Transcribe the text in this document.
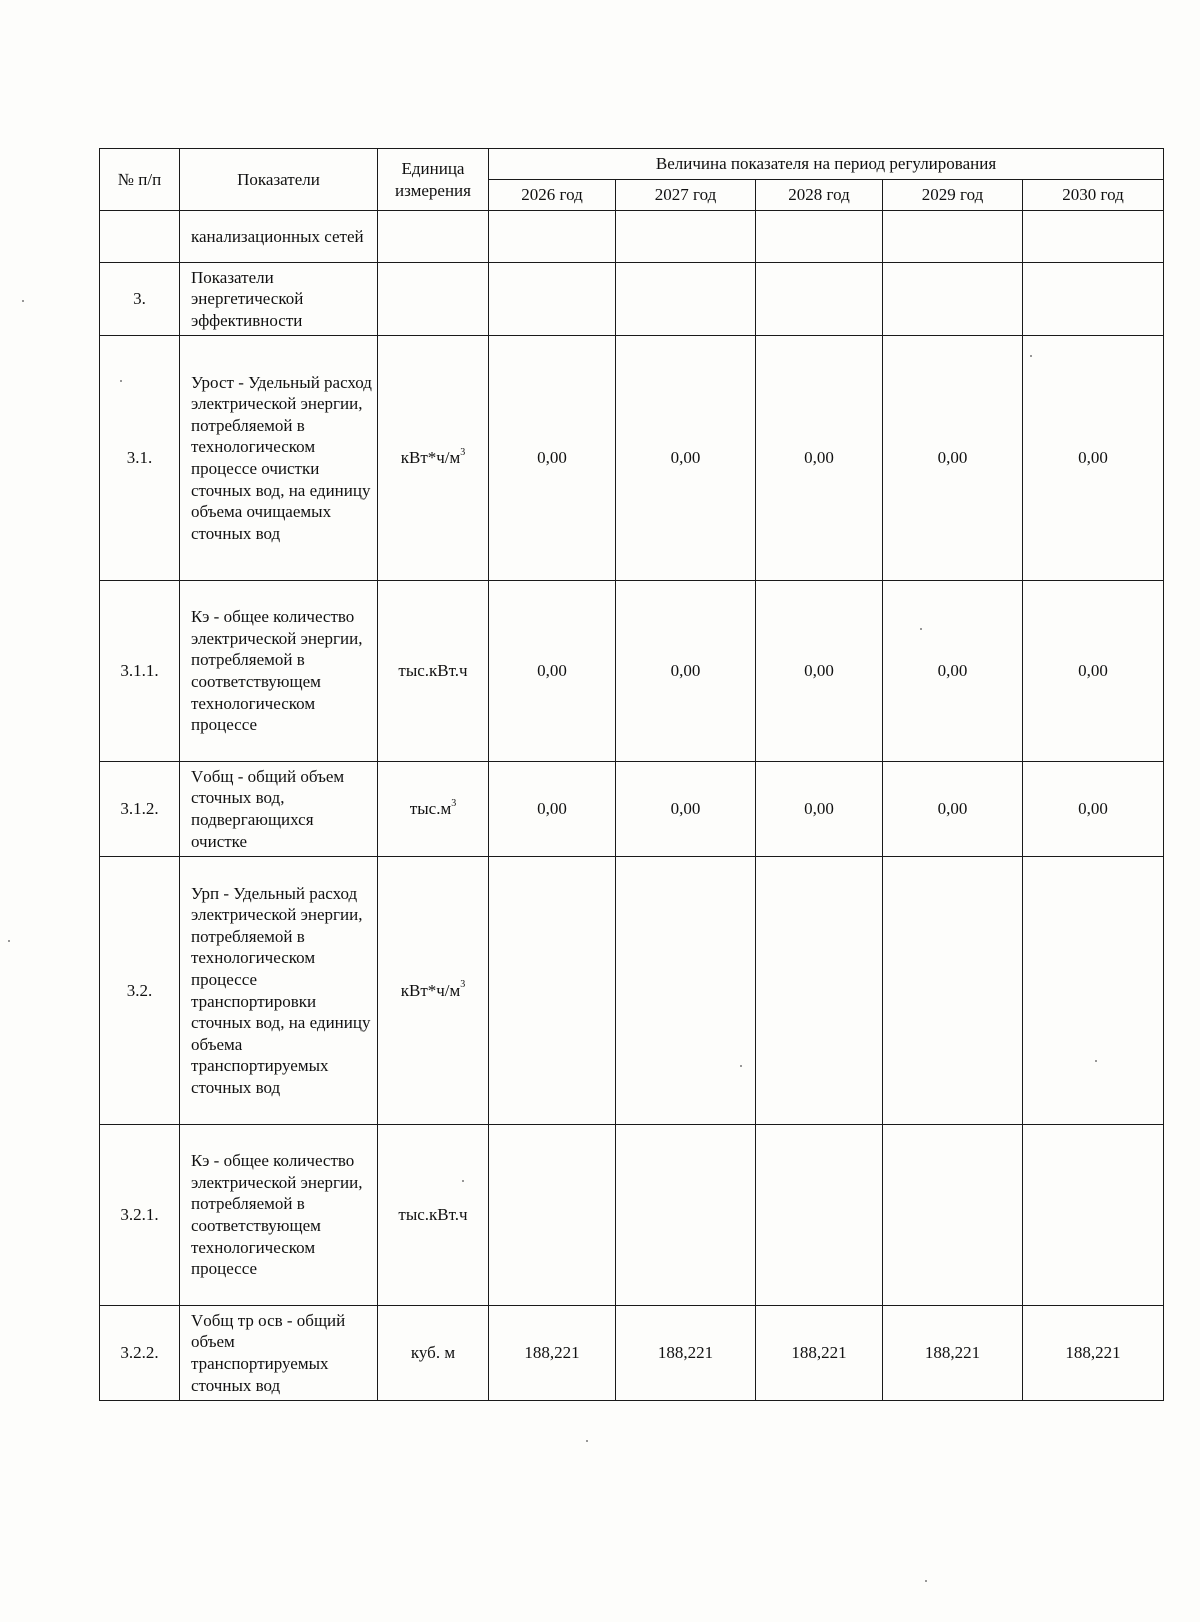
№ п/п	Показатели	Единица измерения	Величина показателя на период регулирования				
			2026 год	2027 год	2028 год	2029 год	2030 год
	канализационных сетей						
3.	Показатели энергетической эффективности						
3.1.	Урост - Удельный расход электрической энергии, потребляемой в технологическом процессе очистки сточных вод, на единицу объема очищаемых сточных вод	$кВт*ч/м^3$	0,00	0,00	0,00	0,00	0,00
3.1.1.	Кэ - общее количество электрической энергии, потребляемой в соответствующем технологическом процессе	тыс.кВт.ч	0,00	0,00	0,00	0,00	0,00
3.1.2.	Vобщ - общий объем сточных вод, подвергающихся очистке	$тыс.м^3$	0,00	0,00	0,00	0,00	0,00
3.2.	Урп - Удельный расход электрической энергии, потребляемой в технологическом процессе транспортировки сточных вод, на единицу объема транспортируемых сточных вод	$кВт*ч/м^3$					
3.2.1.	Кэ - общее количество электрической энергии, потребляемой в соответствующем технологическом процессе	тыс.кВт.ч					
3.2.2.	Vобщ тр осв - общий объем транспортируемых сточных вод	куб. м	188,221	188,221	188,221	188,221	188,221
